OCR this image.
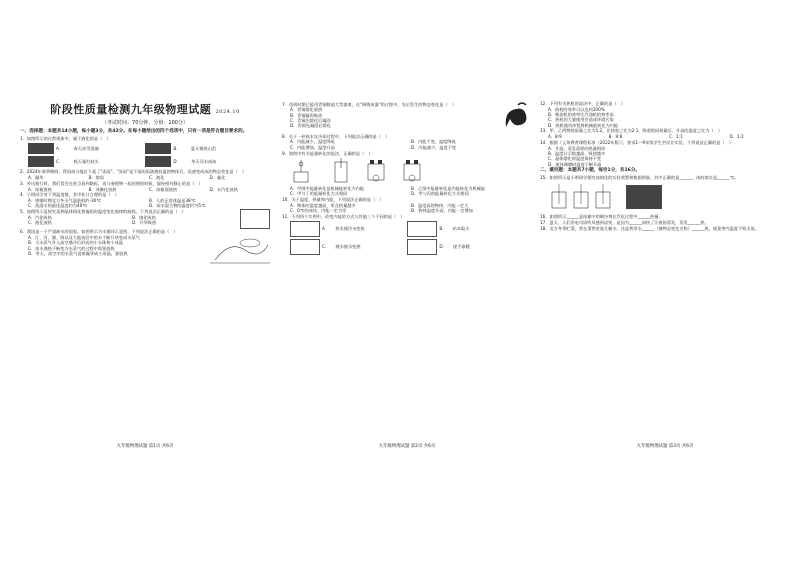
阶段性质量检测九年级物理试题 2024.10
（考试时间：70分钟，分值：100分）
一、选择题：本题共14小题，每小题3分，共42分。在每小题给出的四个选项中，只有一项是符合题目要求的。
1．如图所示的自然现象中，属于液化的是（　）
A．　　　春天冰雪消融	B．　　　夏天雾绕山峦
C．　　　秋天霜打枝头	D．　　　冬天河水成冰
2．2024年春季期间，我国部分地区下起了"冻雨"。"冻雨"是下落的雨滴遇低温的物体后，迅速变成冰的物态变化是（　）
A．凝华	B．熔固	C．液化	D．凝化
3．外出旅行时，我们常会在景点看到路标，再与参照物一起拍照的时候，保持相对静止的是（　）
A．冰箱放热	B．冲淋化放热	C．冰箱面放热	D．水汽化放热
4．小明同学对下列温度值，其中估计合理的是（　）
A．唐朝时期北方冬天气温最低约-30℃	B．人的正常体温是38℃
C．洗澡水的最佳温度约为40℃	D．冰水混合物的温度约为5℃
5．如图所示是探究某种晶体熔化和凝固时温度变化规律的曲线，下列说法正确的是（　）
A．汽化吸热	B．熔化吸热
C．液化放热	D．升华吸热
6．我国是一个严重缺水的国家。如图所示为水循环示意图，下列说法正确的是（　）
A．江、河、湖、海以及大地表层中的水不断升华变成水蒸气
B．当水蒸气升入高空遇冷后形成的小水珠和小冰晶
C．冰水遇热不断变为水蒸气的过程中需要放热
D．冬天，高空中的水蒸气直接凝华成小冰晶，要放热
九年级物理试题 第1页 共6页
7．西周时期已能用青铜铸造大型器皿，在"铜铸成器"的过程中，先后发生的物态变化是（　）
A．青铜熔化放热
B．青铜凝固吸热
C．青铜先熔化后凝固
D．青铜先凝固后熔化
8．关于一杯热水在冷却过程中，下列说法正确的是（　）
A．内能减少，温度降低	B．内能不变，温度降低
C．内能增加，温度升高	D．内能减少，温度不变
9．如图中有关能量转化的说法，正确的是（　）
A．甲图中能量转化是机械能转化为内能	B．乙图中能量转化是内能转化为机械能
C．甲与丁的能量转化方式相同	D．甲与丙的能量转化方式相同
10．关于温度、热量和内能，下列说法正确的是（　）
A．物体的温度越高，所含热量越多	B．温度高的物体，内能一定大
C．0℃的冰块，内能一定为零	D．物体温度升高，内能一定增加
11．下列四个实例中，改变内能的方式与其他三个不同的是（　）
A．　　热水使冷水变热	B．　　钻木取火
C．　　烧水使水变热	D．　　搓手取暖
九年级物理试题 第2页 共6页
12．下列有关热机的说法中，正确的是（　）
A．热机的效率可以达到100%
B．柴油机的效率比汽油机的效率高
C．热机的大量使用会造成环境污染
D．热机做功冲程将机械能转化为内能
13．甲、乙两物体质量之比为1:2，比热容之比为2:1，吸收相同热量后，升高的温度之比为（　）
A．8:9	B．9:8	C．1:1	D．1:2
14．根据《义务教育课程标准（2022年版）》，要求1～9年级学生会设计实验，下列说法正确的是（　）
A．升温、蒸发需要的热量相同
B．温度计示数越高，吸热越多
C．晶体熔化时温度保持不变
D．液体沸腾时温度不断升高
二、填空题：本题共7小题，每空1分，共16分。
15．如图所示是小明同学探究冰熔化的实验装置和数据图象，其中正确的是______，冰的熔点是______℃。
16．如图所示______是冰箱中的制冷剂在汽化过程中______热量。
17．夏天，人们用电风扇吹风感到凉快，是因为______加快了汗液的蒸发，蒸发______热。
18．北方冬季贮菜，常在菜窖里放几桶水，这是利用水______（填物态变化名称）______热，使菜窖内温度不致太低。
九年级物理试题 第3页 共6页
